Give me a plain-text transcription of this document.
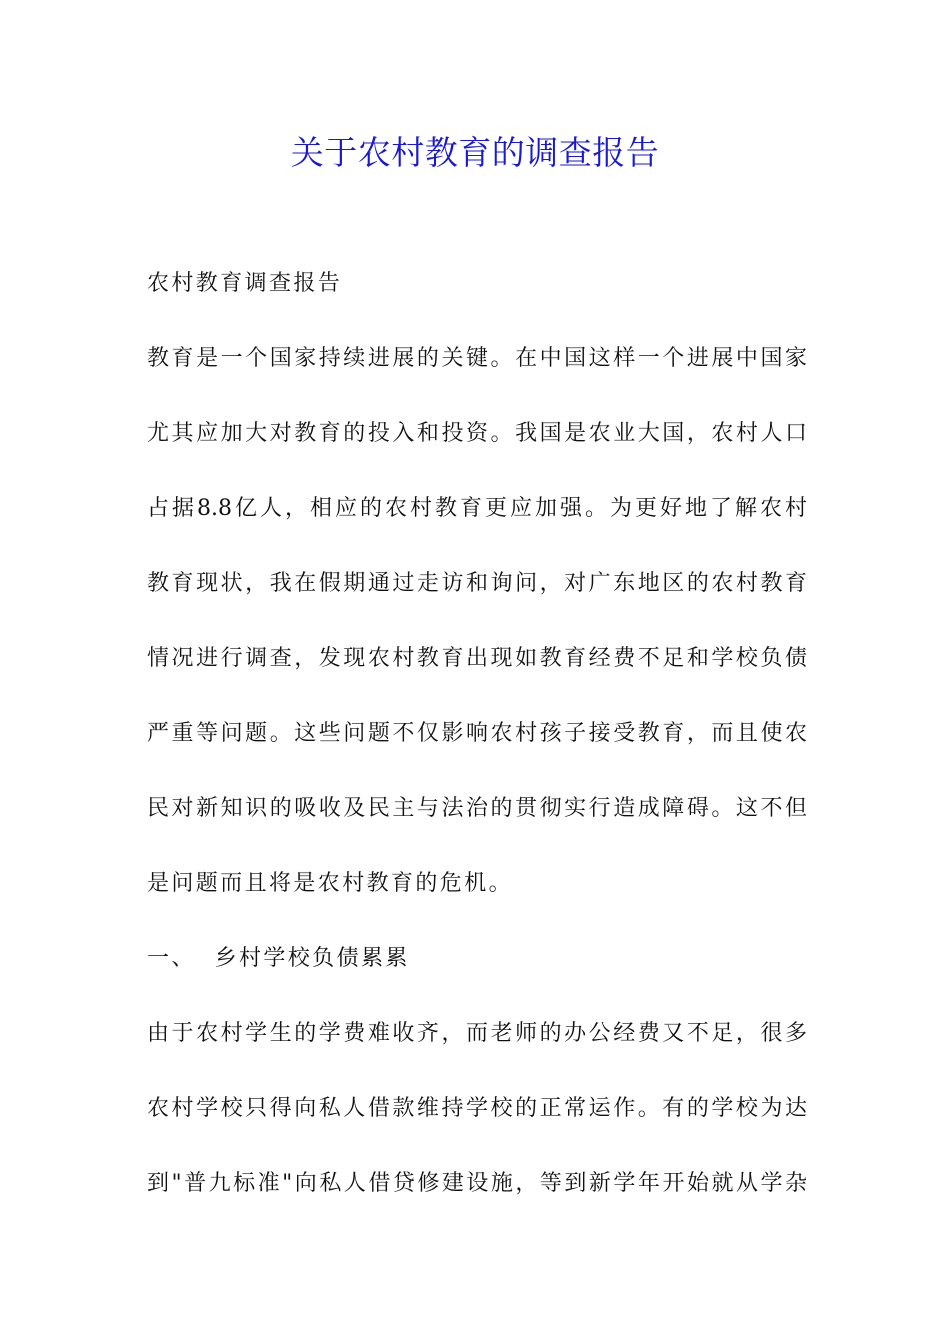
关于农村教育的调查报告
农村教育调查报告
教育是一个国家持续进展的关键。在中国这样一个进展中国家
尤其应加大对教育的投入和投资。我国是农业大国，农村人口
占据8.8亿人，相应的农村教育更应加强。为更好地了解农村
教育现状，我在假期通过走访和询问，对广东地区的农村教育
情况进行调查，发现农村教育出现如教育经费不足和学校负债
严重等问题。这些问题不仅影响农村孩子接受教育，而且使农
民对新知识的吸收及民主与法治的贯彻实行造成障碍。这不但
是问题而且将是农村教育的危机。
一、  乡村学校负债累累
由于农村学生的学费难收齐，而老师的办公经费又不足，很多
农村学校只得向私人借款维持学校的正常运作。有的学校为达
到"普九标准"向私人借贷修建设施，等到新学年开始就从学杂
